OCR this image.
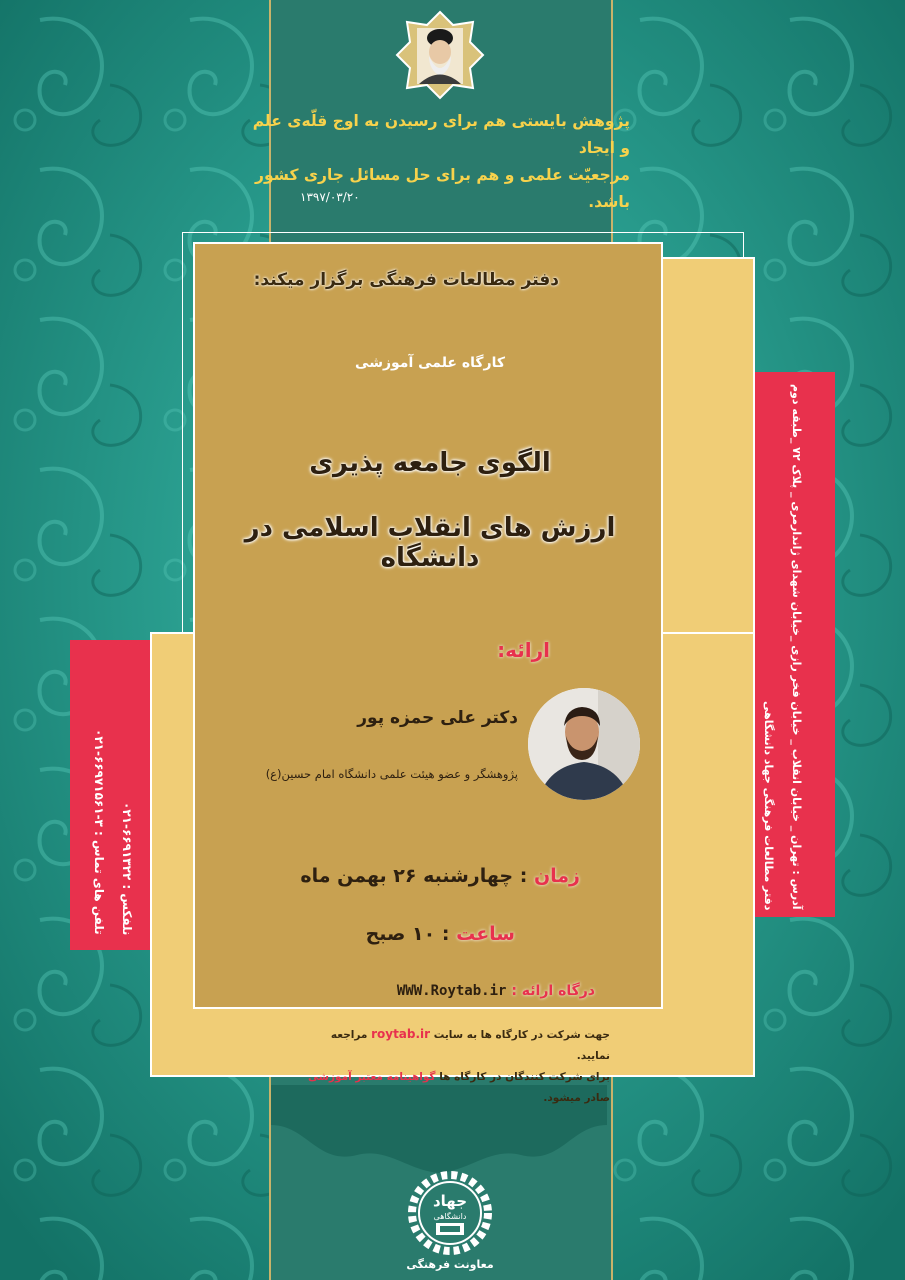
تلفن های تماس : ۳-۶۶۹۷۱۵۶۱-۰۲۱
نلفکس : ۶۶۹۱۳۲۲-۰۲۱
آدرس : تهران _ خیابان انقلاب _ خیابان فخر رازی _خیابان شهدای ژاندارمری _ پلاک ۷۲ _طبقه دوم
دفتر مطالعات فرهنگی جهاد دانشگاهی
پژوهش بایستی هم برای رسیدن به اوج قلّه‌ی علم و ایجاد
مرجعیّت علمی و هم برای حل مسائل جاری کشور باشد.
۱۳۹۷/۰۳/۲۰
دفتر مطالعات فرهنگی برگزار میکند:
کارگاه علمی آموزشی
الگوی جامعه پذیری
ارزش های انقلاب اسلامی در دانشگاه
ارائه:
دکتر علی حمزه پور
پژوهشگر و عضو هیئت علمی دانشگاه امام حسین(ع)
زمان : چهارشنبه ۲۶ بهمن ماه
ساعت : ۱۰ صبح
درگاه ارائه : WWW.Roytab.ir
جهت شرکت در کارگاه ها به سایت roytab.ir مراجعه نمایید.
برای شرکت کنندگان در کارگاه ها گواهینامه معتبر آموزشی صادر میشود.
جهاد
دانشگاهی
معاونت فرهنگی
